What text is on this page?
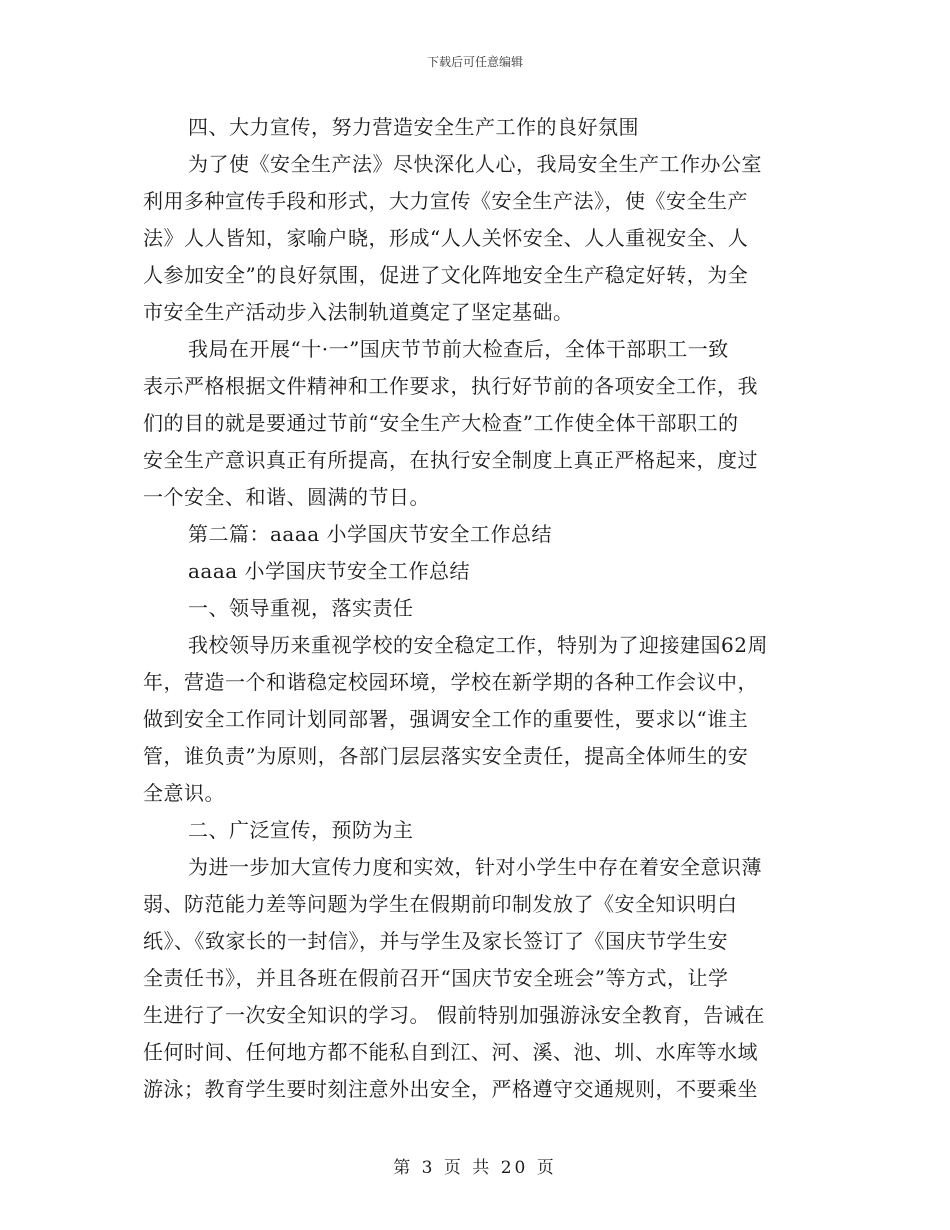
下载后可任意编辑
四、大力宣传，努力营造安全生产工作的良好氛围
为了使《安全生产法》尽快深化人心，我局安全生产工作办公室
利用多种宣传手段和形式，大力宣传《安全生产法》，使《安全生产
法》人人皆知，家喻户晓，形成“人人关怀安全、人人重视安全、人
人参加安全”的良好氛围，促进了文化阵地安全生产稳定好转，为全
市安全生产活动步入法制轨道奠定了坚定基础。
我局在开展“十·一”国庆节节前大检查后，全体干部职工一致
表示严格根据文件精神和工作要求，执行好节前的各项安全工作，我
们的目的就是要通过节前“安全生产大检查”工作使全体干部职工的
安全生产意识真正有所提高，在执行安全制度上真正严格起来，度过
一个安全、和谐、圆满的节日。
第二篇：aaaa 小学国庆节安全工作总结
aaaa 小学国庆节安全工作总结
一、领导重视，落实责任
我校领导历来重视学校的安全稳定工作，特别为了迎接建国62周
年，营造一个和谐稳定校园环境，学校在新学期的各种工作会议中，
做到安全工作同计划同部署，强调安全工作的重要性，要求以“谁主
管，谁负责”为原则，各部门层层落实安全责任，提高全体师生的安
全意识。
二、广泛宣传，预防为主
为进一步加大宣传力度和实效，针对小学生中存在着安全意识薄
弱、防范能力差等问题为学生在假期前印制发放了《安全知识明白
纸》、《致家长的一封信》，并与学生及家长签订了《国庆节学生安
全责任书》，并且各班在假前召开“国庆节安全班会”等方式，让学
生进行了一次安全知识的学习。 假前特别加强游泳安全教育，告诫在
任何时间、任何地方都不能私自到江、河、溪、池、圳、水库等水域
游泳；教育学生要时刻注意外出安全，严格遵守交通规则，不要乘坐
第 3 页 共 20 页
